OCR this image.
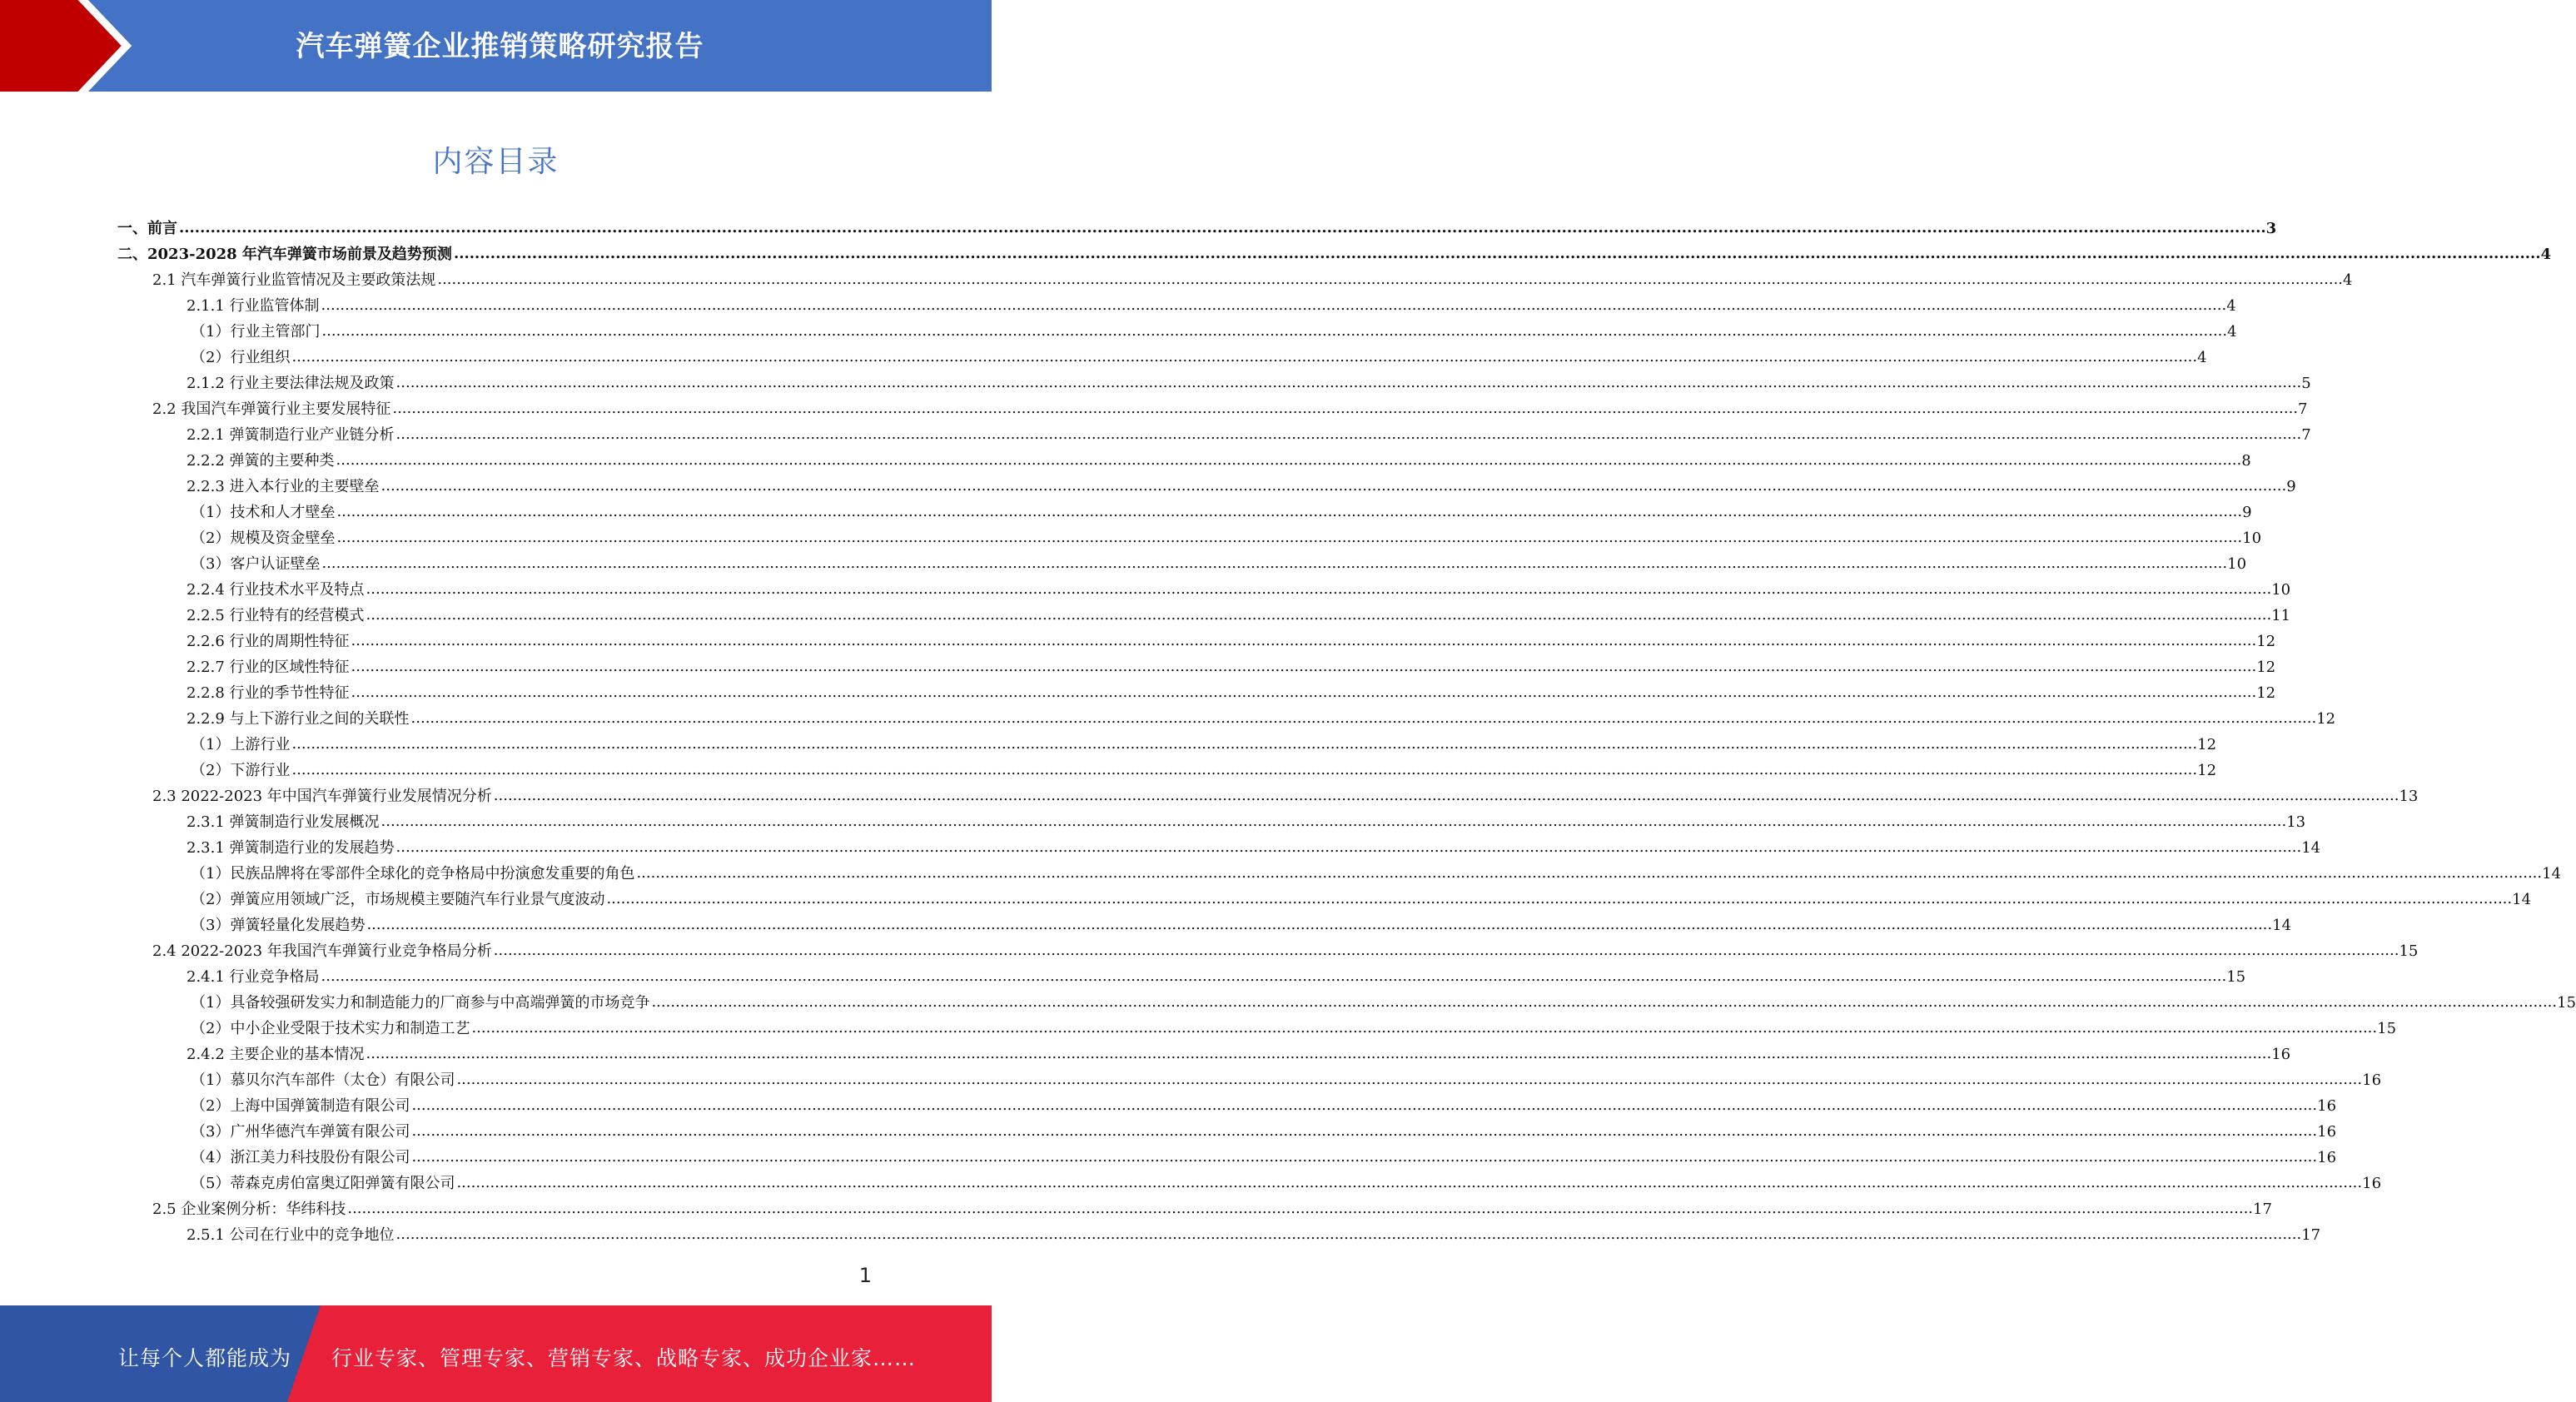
汽车弹簧企业推销策略研究报告
内容目录
一、前言 ................................................................................................................................................................................................................................................................................................................................................................................................................ 3
二、2023-2028 年汽车弹簧市场前景及趋势预测 ................................................................................................................................................................................................................................................................................................................................................................................................................ 4
2.1 汽车弹簧行业监管情况及主要政策法规 ................................................................................................................................................................................................................................................................................................................................................................................................................ 4
2.1.1 行业监管体制 ................................................................................................................................................................................................................................................................................................................................................................................................................ 4
（1）行业主管部门 ................................................................................................................................................................................................................................................................................................................................................................................................................ 4
（2）行业组织 ................................................................................................................................................................................................................................................................................................................................................................................................................ 4
2.1.2 行业主要法律法规及政策 ................................................................................................................................................................................................................................................................................................................................................................................................................ 5
2.2 我国汽车弹簧行业主要发展特征 ................................................................................................................................................................................................................................................................................................................................................................................................................ 7
2.2.1 弹簧制造行业产业链分析 ................................................................................................................................................................................................................................................................................................................................................................................................................ 7
2.2.2 弹簧的主要种类 ................................................................................................................................................................................................................................................................................................................................................................................................................ 8
2.2.3 进入本行业的主要壁垒 ................................................................................................................................................................................................................................................................................................................................................................................................................ 9
（1）技术和人才壁垒 ................................................................................................................................................................................................................................................................................................................................................................................................................ 9
（2）规模及资金壁垒 ................................................................................................................................................................................................................................................................................................................................................................................................................ 10
（3）客户认证壁垒 ................................................................................................................................................................................................................................................................................................................................................................................................................ 10
2.2.4 行业技术水平及特点 ................................................................................................................................................................................................................................................................................................................................................................................................................ 10
2.2.5 行业特有的经营模式 ................................................................................................................................................................................................................................................................................................................................................................................................................ 11
2.2.6 行业的周期性特征 ................................................................................................................................................................................................................................................................................................................................................................................................................ 12
2.2.7 行业的区域性特征 ................................................................................................................................................................................................................................................................................................................................................................................................................ 12
2.2.8 行业的季节性特征 ................................................................................................................................................................................................................................................................................................................................................................................................................ 12
2.2.9 与上下游行业之间的关联性 ................................................................................................................................................................................................................................................................................................................................................................................................................ 12
（1）上游行业 ................................................................................................................................................................................................................................................................................................................................................................................................................ 12
（2）下游行业 ................................................................................................................................................................................................................................................................................................................................................................................................................ 12
2.3 2022-2023 年中国汽车弹簧行业发展情况分析 ................................................................................................................................................................................................................................................................................................................................................................................................................ 13
2.3.1 弹簧制造行业发展概况 ................................................................................................................................................................................................................................................................................................................................................................................................................ 13
2.3.1 弹簧制造行业的发展趋势 ................................................................................................................................................................................................................................................................................................................................................................................................................ 14
（1）民族品牌将在零部件全球化的竞争格局中扮演愈发重要的角色 ................................................................................................................................................................................................................................................................................................................................................................................................................ 14
（2）弹簧应用领域广泛，市场规模主要随汽车行业景气度波动 ................................................................................................................................................................................................................................................................................................................................................................................................................ 14
（3）弹簧轻量化发展趋势 ................................................................................................................................................................................................................................................................................................................................................................................................................ 14
2.4 2022-2023 年我国汽车弹簧行业竞争格局分析 ................................................................................................................................................................................................................................................................................................................................................................................................................ 15
2.4.1 行业竞争格局 ................................................................................................................................................................................................................................................................................................................................................................................................................ 15
（1）具备较强研发实力和制造能力的厂商参与中高端弹簧的市场竞争 ................................................................................................................................................................................................................................................................................................................................................................................................................ 15
（2）中小企业受限于技术实力和制造工艺 ................................................................................................................................................................................................................................................................................................................................................................................................................ 15
2.4.2 主要企业的基本情况 ................................................................................................................................................................................................................................................................................................................................................................................................................ 16
（1）慕贝尔汽车部件（太仓）有限公司 ................................................................................................................................................................................................................................................................................................................................................................................................................ 16
（2）上海中国弹簧制造有限公司 ................................................................................................................................................................................................................................................................................................................................................................................................................ 16
（3）广州华德汽车弹簧有限公司 ................................................................................................................................................................................................................................................................................................................................................................................................................ 16
（4）浙江美力科技股份有限公司 ................................................................................................................................................................................................................................................................................................................................................................................................................ 16
（5）蒂森克虏伯富奥辽阳弹簧有限公司 ................................................................................................................................................................................................................................................................................................................................................................................................................ 16
2.5 企业案例分析：华纬科技 ................................................................................................................................................................................................................................................................................................................................................................................................................ 17
2.5.1 公司在行业中的竞争地位 ................................................................................................................................................................................................................................................................................................................................................................................................................ 17
1
让每个人都能成为 行业专家、管理专家、营销专家、战略专家、成功企业家……
